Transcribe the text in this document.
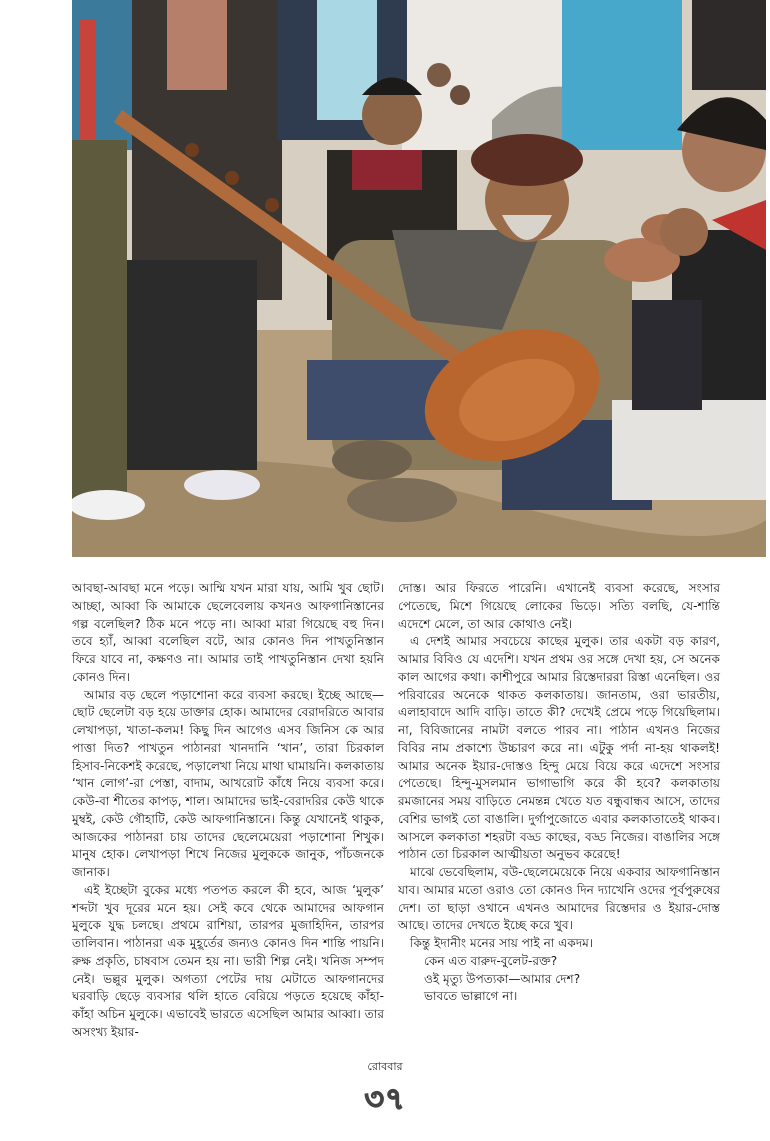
আবছা-আবছা মনে পড়ে। আম্মি যখন মারা যায়, আমি খুব ছোট। আচ্ছা, আব্বা কি আমাকে ছেলেবেলায় কখনও আফগানিস্তানের গল্প বলেছিল? ঠিক মনে পড়ে না। আব্বা মারা গিয়েছে বহু দিন। তবে হ্যাঁ, আব্বা বলেছিল বটে, আর কোনও দিন পাখতুনিস্তান ফিরে যাবে না, কক্ষণও না। আমার তাই পাখতুনিস্তান দেখা হয়নি কোনও দিন।

আমার বড় ছেলে পড়াশোনা করে ব্যবসা করছে। ইচ্ছে আছে—ছোট ছেলেটা বড় হয়ে ডাক্তার হোক। আমাদের বেরাদরিতে আবার লেখাপড়া, খাতা-কলম! কিছু দিন আগেও এসব জিনিস কে আর পাত্তা দিত? পাখতুন পাঠানরা খানদানি ‘খান’, তারা চিরকাল হিসাব-নিকেশই করেছে, পড়ালেখা নিয়ে মাথা ঘামায়নি। কলকাতায় ‘খান লোগ’-রা পেস্তা, বাদাম, আখরোট কাঁধে নিয়ে ব্যবসা করে। কেউ-বা শীতের কাপড়, শাল। আমাদের ভাই-বেরাদরির কেউ থাকে মুম্বই, কেউ গৌহাটি, কেউ আফগানিস্তানে। কিন্তু যেখানেই থাকুক, আজকের পাঠানরা চায় তাদের ছেলেমেয়েরা পড়াশোনা শিখুক। মানুষ হোক। লেখাপড়া শিখে নিজের মুলুককে জানুক, পাঁচজনকে জানাক।

এই ইচ্ছেটা বুকের মধ্যে পতপত করলে কী হবে, আজ ‘মুলুক’ শব্দটা খুব দূরের মনে হয়। সেই কবে থেকে আমাদের আফগান মুলুকে যুদ্ধ চলছে। প্রথমে রাশিয়া, তারপর মুজাহিদিন, তারপর তালিবান। পাঠানরা এক মুহূর্তের জন্যও কোনও দিন শান্তি পায়নি। রুক্ষ প্রকৃতি, চাষবাস তেমন হয় না। ভারী শিল্প নেই। খনিজ সম্পদ নেই। ভল্লুর মুলুক। অগত্যা পেটের দায় মেটাতে আফগানদের ঘরবাড়ি ছেড়ে ব্যবসার থলি হাতে বেরিয়ে পড়তে হয়েছে কাঁহা-কাঁহা অচিন মুলুকে। এভাবেই ভারতে এসেছিল আমার আব্বা। তার অসংখ্য ইয়ার-

দোস্ত। আর ফিরতে পারেনি। এখানেই ব্যবসা করেছে, সংসার পেতেছে, মিশে গিয়েছে লোকের ভিড়ে। সত্যি বলছি, যে-শান্তি এদেশে মেলে, তা আর কোথাও নেই।

এ দেশই আমার সবচেয়ে কাছের মুলুক। তার একটা বড় কারণ, আমার বিবিও যে এদেশি। যখন প্রথম ওর সঙ্গে দেখা হয়, সে অনেক কাল আগের কথা। কাশীপুরে আমার রিস্তেদাররা রিস্তা এনেছিল। ওর পরিবারের অনেকে থাকত কলকাতায়। জানতাম, ওরা ভারতীয়, এলাহাবাদে আদি বাড়ি। তাতে কী? দেখেই প্রেমে পড়ে গিয়েছিলাম। না, বিবিজানের নামটা বলতে পারব না। পাঠান এখনও নিজের বিবির নাম প্রকাশ্যে উচ্চারণ করে না। এটুকু পর্দা না-হয় থাকলই! আমার অনেক ইয়ার-দোস্তও হিন্দু মেয়ে বিয়ে করে এদেশে সংসার পেতেছে। হিন্দু-মুসলমান ভাগাভাগি করে কী হবে? কলকাতায় রমজানের সময় বাড়িতে নেমন্তন্ন খেতে যত বন্ধুবান্ধব আসে, তাদের বেশির ভাগই তো বাঙালি। দুর্গাপুজোতে এবার কলকাতাতেই থাকব। আসলে কলকাতা শহরটা বড্ড কাছের, বড্ড নিজের। বাঙালির সঙ্গে পাঠান তো চিরকাল আত্মীয়তা অনুভব করেছে!

মাঝে ভেবেছিলাম, বউ-ছেলেমেয়েকে নিয়ে একবার আফগানিস্তান যাব। আমার মতো ওরাও তো কোনও দিন দ্যাখেনি ওদের পূর্বপুরুষের দেশ। তা ছাড়া ওখানে এখনও আমাদের রিস্তেদার ও ইয়ার-দোস্ত আছে। তাদের দেখতে ইচ্ছে করে খুব।

কিন্তু ইদানীং মনের সায় পাই না একদম।

কেন এত বারুদ-বুলেট-রক্ত?

ওই মৃত্যু উপত্যকা—আমার দেশ?

ভাবতে ভাল্লাগে না।

রোববার
৩৭
